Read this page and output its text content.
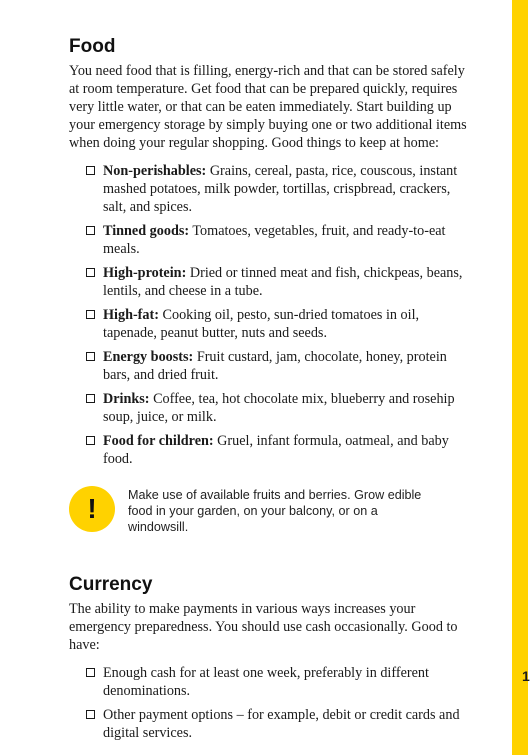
1
Food

You need food that is filling, energy-rich and that can be stored safely at room temperature. Get food that can be prepared quickly, requires very little water, or that can be eaten immediately. Start building up your emergency storage by simply buying one or two additional items when doing your regular shopping. Good things to keep at home:

Non-perishables: Grains, cereal, pasta, rice, couscous, instant mashed potatoes, milk powder, tortillas, crispbread, crackers, salt, and spices.
Tinned goods: Tomatoes, vegetables, fruit, and ready-to-eat meals.
High-protein: Dried or tinned meat and fish, chickpeas, beans, lentils, and cheese in a tube.
High-fat: Cooking oil, pesto, sun-dried tomatoes in oil, tapenade, peanut butter, nuts and seeds.
Energy boosts: Fruit custard, jam, chocolate, honey, protein bars, and dried fruit.
Drinks: Coffee, tea, hot chocolate mix, blueberry and rosehip soup, juice, or milk.
Food for children: Gruel, infant formula, oatmeal, and baby food.
!	Make use of available fruits and berries. Grow edible food in your garden, on your balcony, or on a windowsill.
Currency

The ability to make payments in various ways increases your emergency preparedness. You should use cash occasionally. Good to have:

Enough cash for at least one week, preferably in different denominations.
Other payment options – for example, debit or credit cards and digital services.
